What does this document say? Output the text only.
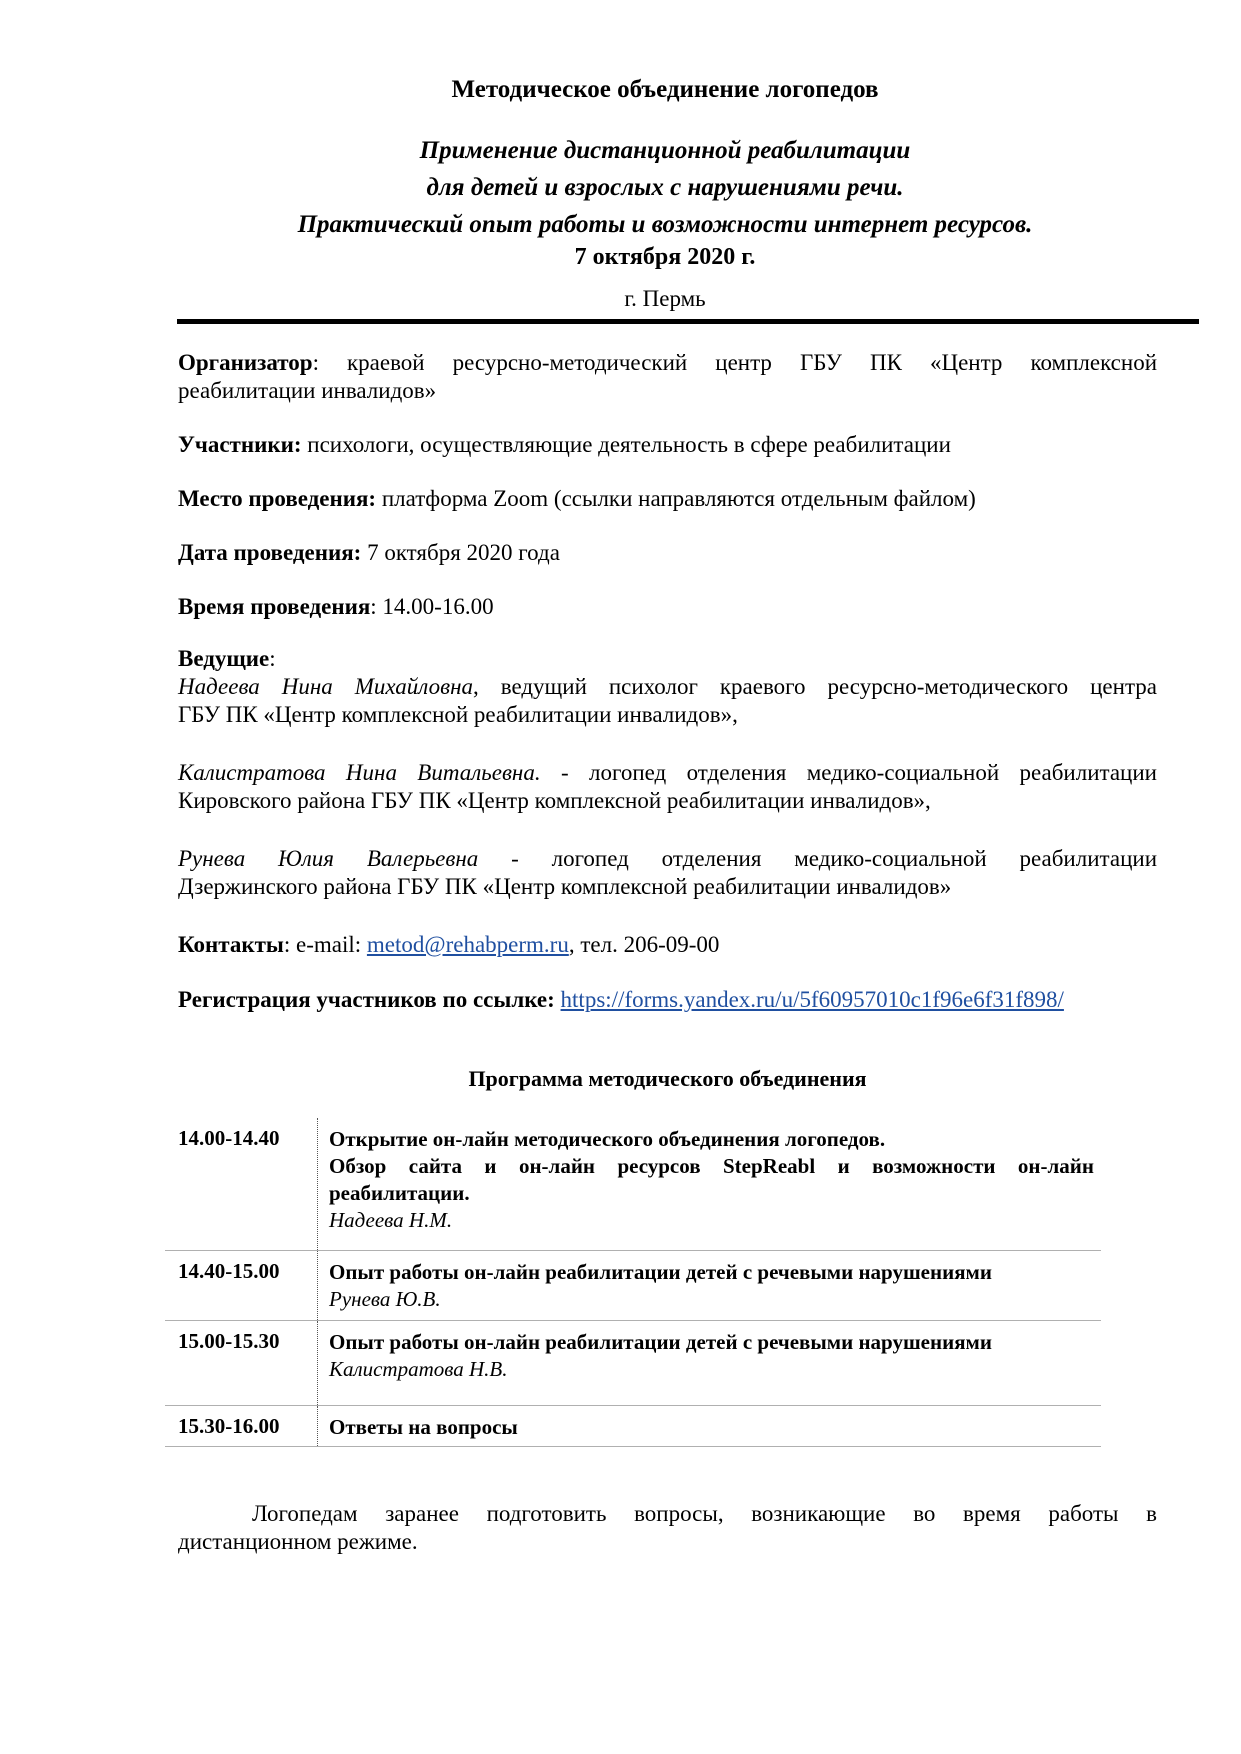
Методическое объединение логопедов
Применение дистанционной реабилитации
для детей и взрослых с нарушениями речи.
Практический опыт работы и возможности интернет ресурсов.
7 октября 2020 г.
г. Пермь
Организатор: краевой ресурсно-методический центр ГБУ ПК «Центр комплексной
реабилитации инвалидов»
Участники: психологи, осуществляющие деятельность в сфере реабилитации
Место проведения: платформа Zoom (ссылки направляются отдельным файлом)
Дата проведения: 7 октября 2020 года
Время проведения: 14.00-16.00
Ведущие:
Надеева Нина Михайловна, ведущий психолог краевого ресурсно-методического центра
ГБУ ПК «Центр комплексной реабилитации инвалидов»,
Калистратова Нина Витальевна. - логопед отделения медико-социальной реабилитации
Кировского района ГБУ ПК «Центр комплексной реабилитации инвалидов»,
Рунева Юлия Валерьевна - логопед отделения медико-социальной реабилитации
Дзержинского района ГБУ ПК «Центр комплексной реабилитации инвалидов»
Контакты: e-mail: metod@rehabperm.ru, тел. 206-09-00
Регистрация участников по ссылке: https://forms.yandex.ru/u/5f60957010c1f96e6f31f898/
Программа методического объединения
14.00-14.40 Открытие он-лайн методического объединения логопедов.
Обзор сайта и он-лайн ресурсов StepReabl и возможности он-лайн
реабилитации.
Надеева Н.М.
14.40-15.00 Опыт работы он-лайн реабилитации детей с речевыми нарушениями
Рунева Ю.В.
15.00-15.30 Опыт работы он-лайн реабилитации детей с речевыми нарушениями
Калистратова Н.В.
15.30-16.00 Ответы на вопросы
Логопедам заранее подготовить вопросы, возникающие во время работы в
дистанционном режиме.
